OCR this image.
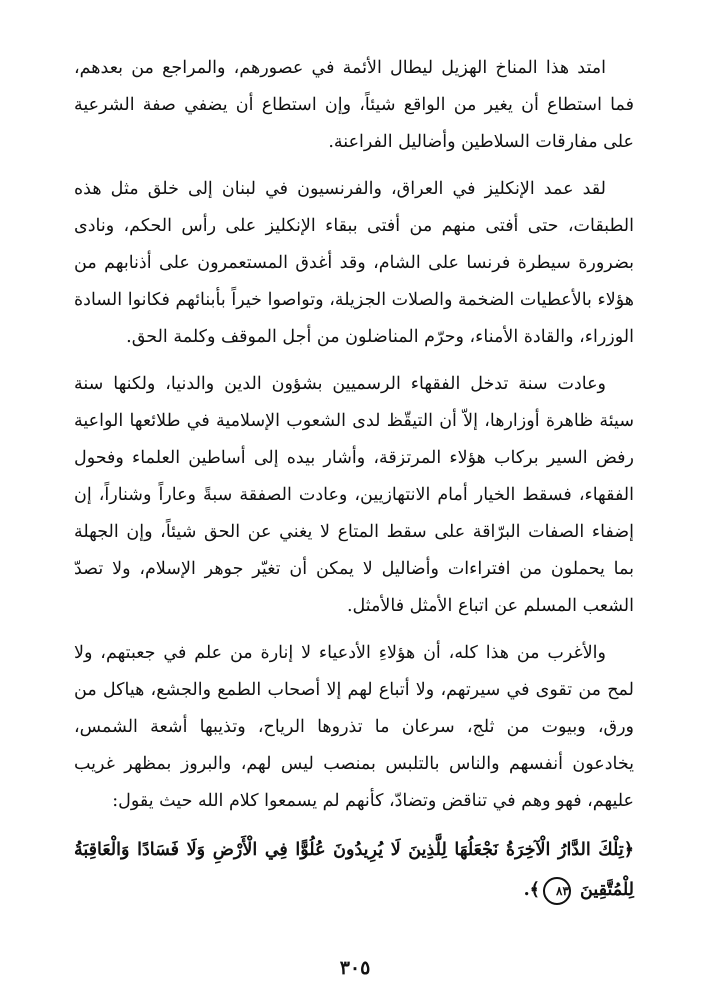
امتد هذا المناخ الهزيل ليطال الأئمة في عصورهم، والمراجع من بعدهم، فما استطاع أن يغير من الواقع شيئاً، وإن استطاع أن يضفي صفة الشرعية على مفارقات السلاطين وأضاليل الفراعنة.

لقد عمد الإنكليز في العراق، والفرنسيون في لبنان إلى خلق مثل هذه الطبقات، حتى أفتى منهم من أفتى ببقاء الإنكليز على رأس الحكم، ونادى بضرورة سيطرة فرنسا على الشام، وقد أغدق المستعمرون على أذنابهم من هؤلاء بالأعطيات الضخمة والصلات الجزيلة، وتواصوا خيراً بأبنائهم فكانوا السادة الوزراء، والقادة الأمناء، وحرّم المناضلون من أجل الموقف وكلمة الحق.

وعادت سنة تدخل الفقهاء الرسميين بشؤون الدين والدنيا، ولكنها سنة سيئة ظاهرة أوزارها، إلاّ أن التيقّظ لدى الشعوب الإسلامية في طلائعها الواعية رفض السير بركاب هؤلاء المرتزقة، وأشار بيده إلى أساطين العلماء وفحول الفقهاء، فسقط الخيار أمام الانتهازيين، وعادت الصفقة سبةً وعاراً وشناراً، إن إضفاء الصفات البرّاقة على سقط المتاع لا يغني عن الحق شيئاً، وإن الجهلة بما يحملون من افتراءات وأضاليل لا يمكن أن تغيّر جوهر الإسلام، ولا تصدّ الشعب المسلم عن اتباع الأمثل فالأمثل.

والأغرب من هذا كله، أن هؤلاءِ الأدعياء لا إنارة من علم في جعبتهم، ولا لمح من تقوى في سيرتهم، ولا أتباع لهم إلا أصحاب الطمع والجشع، هياكل من ورق، وبيوت من ثلج، سرعان ما تذروها الرياح، وتذيبها أشعة الشمس، يخادعون أنفسهم والناس بالتلبس بمنصب ليس لهم، والبروز بمظهر غريب عليهم، فهو وهم في تناقض وتضادّ، كأنهم لم يسمعوا كلام الله حيث يقول:

﴿تِلْكَ الدَّارُ الْآخِرَةُ نَجْعَلُهَا لِلَّذِينَ لَا يُرِيدُونَ عُلُوًّا فِي الْأَرْضِ وَلَا فَسَادًا وَالْعَاقِبَةُ لِلْمُتَّقِينَ ٨٣﴾.

٣٠٥
